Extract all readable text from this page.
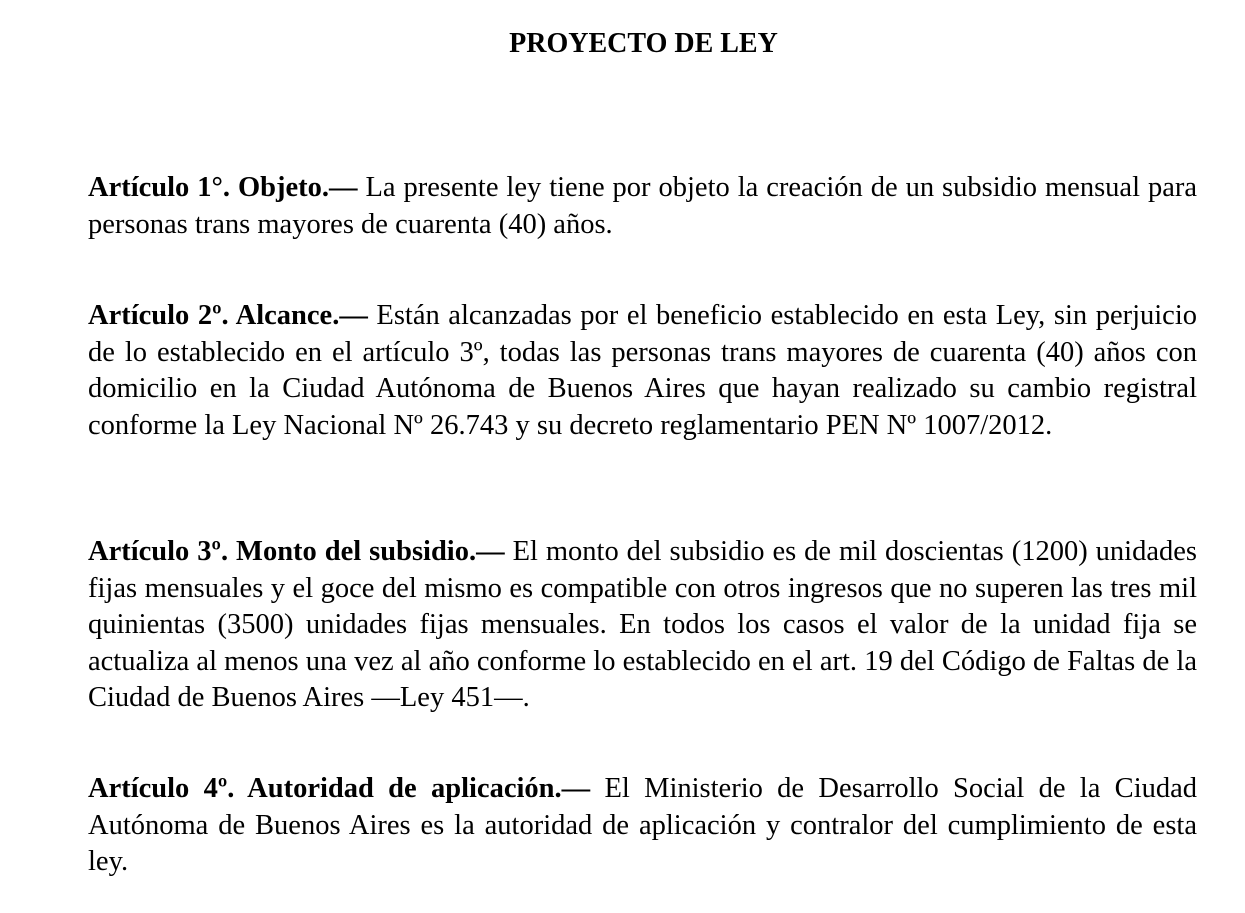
PROYECTO DE LEY

Artículo 1°. Objeto.— La presente ley tiene por objeto la creación de un subsidio mensual para personas trans mayores de cuarenta (40) años.

Artículo 2º. Alcance.— Están alcanzadas por el beneficio establecido en esta Ley, sin perjuicio de lo establecido en el artículo 3º, todas las personas trans mayores de cuarenta (40) años con domicilio en la Ciudad Autónoma de Buenos Aires que hayan realizado su cambio registral conforme la Ley Nacional Nº 26.743 y su decreto reglamentario PEN Nº 1007/2012.

Artículo 3º. Monto del subsidio.— El monto del subsidio es de mil doscientas (1200) unidades fijas mensuales y el goce del mismo es compatible con otros ingresos que no superen las tres mil quinientas (3500) unidades fijas mensuales. En todos los casos el valor de la unidad fija se actualiza al menos una vez al año conforme lo establecido en el art. 19 del Código de Faltas de la Ciudad de Buenos Aires —Ley 451—.

Artículo 4º. Autoridad de aplicación.— El Ministerio de Desarrollo Social de la Ciudad Autónoma de Buenos Aires es la autoridad de aplicación y contralor del cumplimiento de esta ley.
